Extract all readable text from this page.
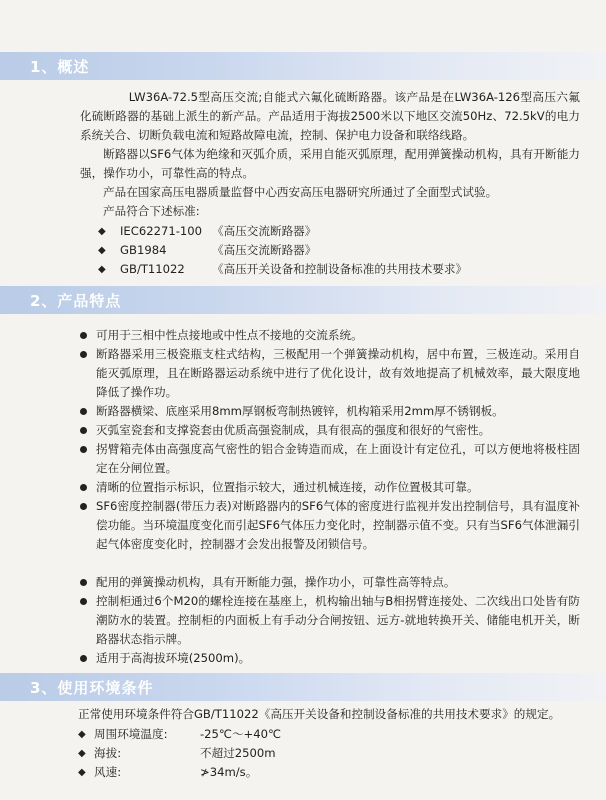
1、概述
LW36A-72.5型高压交流;自能式六氟化硫断路器。该产品是在LW36A-126型高压六氟化硫断路器的基础上派生的新产品。产品适用于海拔2500米以下地区交流50Hz、72.5kV的电力系统关合、切断负载电流和短路故障电流，控制、保护电力设备和联络线路。
断路器以SF6气体为绝缘和灭弧介质，采用自能灭弧原理，配用弹簧操动机构，具有开断能力强，操作功小，可靠性高的特点。
产品在国家高压电器质量监督中心西安高压电器研究所通过了全面型式试验。
产品符合下述标准:
◆ IEC62271-100 《高压交流断路器》
◆ GB1984	《高压交流断路器》
◆ GB/T11022 《高压开关设备和控制设备标准的共用技术要求》
2、产品特点
可用于三相中性点接地或中性点不接地的交流系统。
断路器采用三极瓷瓶支柱式结构，三极配用一个弹簧操动机构，居中布置，三极连动。采用自能灭弧原理，且在断路器运动系统中进行了优化设计，故有效地提高了机械效率，最大限度地降低了操作功。
断路器横梁、底座采用8mm厚钢板弯制热镀锌，机构箱采用2mm厚不锈钢板。
灭弧室瓷套和支撑瓷套由优质高强瓷制成，具有很高的强度和很好的气密性。
拐臂箱壳体由高强度高气密性的铝合金铸造而成，在上面设计有定位孔，可以方便地将极柱固定在分闸位置。
清晰的位置指示标识，位置指示较大，通过机械连接，动作位置极其可靠。
SF6密度控制器(带压力表)对断路器内的SF6气体的密度进行监视并发出控制信号，具有温度补偿功能。当环境温度变化而引起SF6气体压力变化时，控制器示值不变。只有当SF6气体泄漏引起气体密度变化时，控制器才会发出报警及闭锁信号。
配用的弹簧操动机构，具有开断能力强，操作功小，可靠性高等特点。
控制柜通过6个M20的螺栓连接在基座上，机构输出轴与B相拐臂连接处、二次线出口处皆有防潮防水的装置。控制柜的内面板上有手动分合闸按钮、远方-就地转换开关、储能电机开关，断路器状态指示牌。
适用于高海拔环境(2500m)。
3、使用环境条件
正常使用环境条件符合GB/T11022《高压开关设备和控制设备标准的共用技术要求》的规定。
◆ 周围环境温度:	-25℃～+40℃
◆ 海拔:	不超过2500m
◆ 风速:	≯34m/s。
